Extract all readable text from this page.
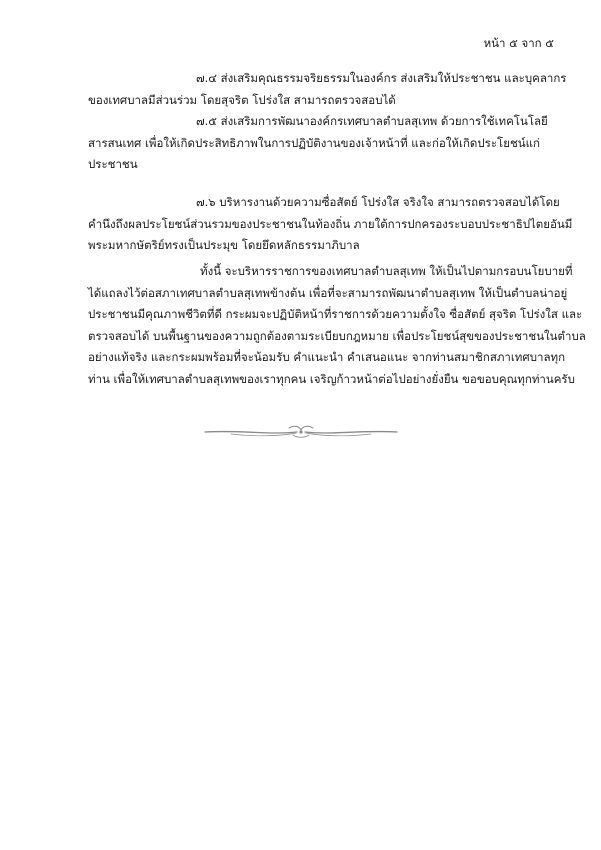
หน้า ๕ จาก ๕
๗.๔ ส่งเสริมคุณธรรมจริยธรรมในองค์กร ส่งเสริมให้ประชาชน และบุคลากร
ของเทศบาลมีส่วนร่วม โดยสุจริต โปร่งใส สามารถตรวจสอบได้
๗.๕ ส่งเสริมการพัฒนาองค์กรเทศบาลตำบลสุเทพ ด้วยการใช้เทคโนโลยี
สารสนเทศ เพื่อให้เกิดประสิทธิภาพในการปฏิบัติงานของเจ้าหน้าที่ และก่อให้เกิดประโยชน์แก่
ประชาชน
๗.๖ บริหารงานด้วยความซื่อสัตย์ โปร่งใส จริงใจ สามารถตรวจสอบได้โดย
คำนึงถึงผลประโยชน์ส่วนรวมของประชาชนในท้องถิ่น ภายใต้การปกครองระบอบประชาธิปไตยอันมี
พระมหากษัตริย์ทรงเป็นประมุข โดยยึดหลักธรรมาภิบาล
ทั้งนี้ จะบริหารราชการของเทศบาลตำบลสุเทพ ให้เป็นไปตามกรอบนโยบายที่
ได้แถลงไว้ต่อสภาเทศบาลตำบลสุเทพข้างต้น เพื่อที่จะสามารถพัฒนาตำบลสุเทพ ให้เป็นตำบลน่าอยู่
ประชาชนมีคุณภาพชีวิตที่ดี กระผมจะปฏิบัติหน้าที่ราชการด้วยความตั้งใจ ซื่อสัตย์ สุจริต โปร่งใส และ
ตรวจสอบได้ บนพื้นฐานของความถูกต้องตามระเบียบกฎหมาย เพื่อประโยชน์สุขของประชาชนในตำบล
อย่างแท้จริง และกระผมพร้อมที่จะน้อมรับ คำแนะนำ คำเสนอแนะ จากท่านสมาชิกสภาเทศบาลทุก
ท่าน เพื่อให้เทศบาลตำบลสุเทพของเราทุกคน เจริญก้าวหน้าต่อไปอย่างยั่งยืน ขอขอบคุณทุกท่านครับ
